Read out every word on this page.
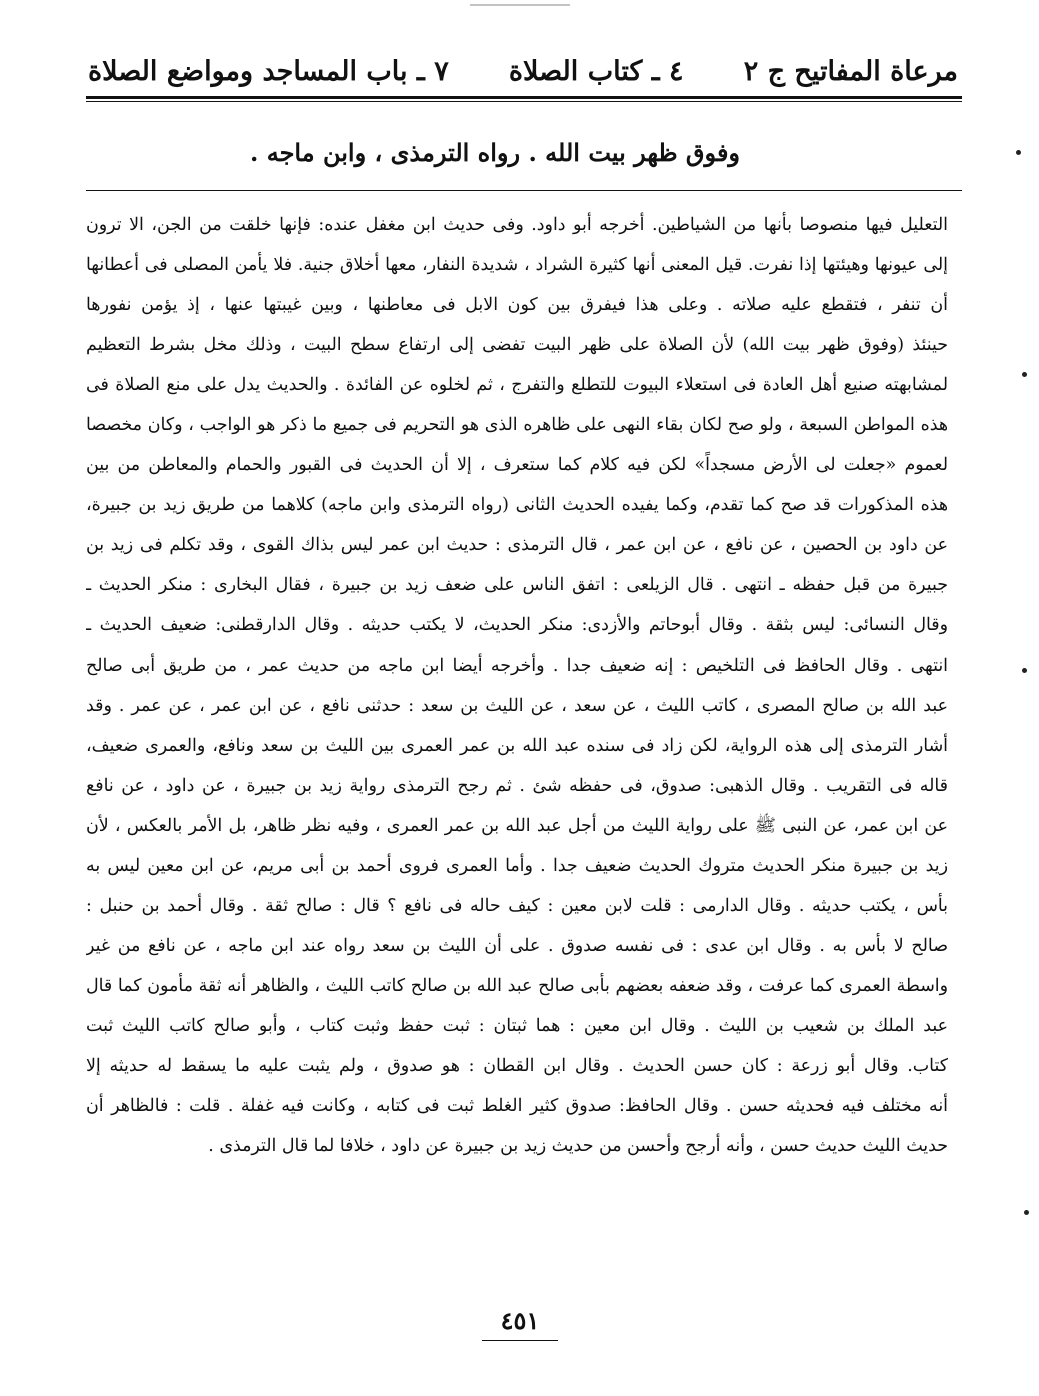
مرعاة المفاتيح ج ٢
٤ ـ كتاب الصلاة
٧ ـ باب المساجد ومواضع الصلاة
وفوق ظهر بيت الله . رواه الترمذى ، وابن ماجه .
التعليل فيها منصوصا بأنها من الشياطين. أخرجه أبو داود. وفى حديث ابن مغفل عنده: فإنها خلقت من الجن، الا ترون
إلى عيونها وهيئتها إذا نفرت. قيل المعنى أنها كثيرة الشراد ، شديدة النفار، معها أخلاق جنية. فلا يأمن المصلى فى أعطانها
أن تنفر ، فتقطع عليه صلاته . وعلى هذا فيفرق بين كون الابل فى معاطنها ، وبين غيبتها عنها ، إذ يؤمن نفورها
حينئذ (وفوق ظهر بيت الله) لأن الصلاة على ظهر البيت تفضى إلى ارتفاع سطح البيت ، وذلك مخل بشرط التعظيم
لمشابهته صنيع أهل العادة فى استعلاء البيوت للتطلع والتفرج ، ثم لخلوه عن الفائدة . والحديث يدل على منع الصلاة فى
هذه المواطن السبعة ، ولو صح لكان بقاء النهى على ظاهره الذى هو التحريم فى جميع ما ذكر هو الواجب ، وكان مخصصا
لعموم «جعلت لى الأرض مسجداً» لكن فيه كلام كما ستعرف ، إلا أن الحديث فى القبور والحمام والمعاطن من بين
هذه المذكورات قد صح كما تقدم، وكما يفيده الحديث الثانى (رواه الترمذى وابن ماجه) كلاهما من طريق زيد بن جبيرة،
عن داود بن الحصين ، عن نافع ، عن ابن عمر ، قال الترمذى : حديث ابن عمر ليس بذاك القوى ، وقد تكلم فى زيد بن
جبيرة من قبل حفظه ـ انتهى . قال الزيلعى : اتفق الناس على ضعف زيد بن جبيرة ، فقال البخارى : منكر الحديث ـ
وقال النسائى: ليس بثقة . وقال أبوحاتم والأزدى: منكر الحديث، لا يكتب حديثه . وقال الدارقطنى: ضعيف الحديث ـ
انتهى . وقال الحافظ فى التلخيص : إنه ضعيف جدا . وأخرجه أيضا ابن ماجه من حديث عمر ، من طريق أبى صالح
عبد الله بن صالح المصرى ، كاتب الليث ، عن سعد ، عن الليث بن سعد : حدثنى نافع ، عن ابن عمر ، عن عمر . وقد
أشار الترمذى إلى هذه الرواية، لكن زاد فى سنده عبد الله بن عمر العمرى بين الليث بن سعد ونافع، والعمرى ضعيف،
قاله فى التقريب . وقال الذهبى: صدوق، فى حفظه شئ . ثم رجح الترمذى رواية زيد بن جبيرة ، عن داود ، عن نافع
عن ابن عمر، عن النبى ﷺ على رواية الليث من أجل عبد الله بن عمر العمرى ، وفيه نظر ظاهر، بل الأمر بالعكس ، لأن
زيد بن جبيرة منكر الحديث متروك الحديث ضعيف جدا . وأما العمرى فروى أحمد بن أبى مريم، عن ابن معين ليس به
بأس ، يكتب حديثه . وقال الدارمى : قلت لابن معين : كيف حاله فى نافع ؟ قال : صالح ثقة . وقال أحمد بن حنبل :
صالح لا بأس به . وقال ابن عدى : فى نفسه صدوق . على أن الليث بن سعد رواه عند ابن ماجه ، عن نافع من غير
واسطة العمرى كما عرفت ، وقد ضعفه بعضهم بأبى صالح عبد الله بن صالح كاتب الليث ، والظاهر أنه ثقة مأمون كما قال
عبد الملك بن شعيب بن الليث . وقال ابن معين : هما ثبتان : ثبت حفظ وثبت كتاب ، وأبو صالح كاتب الليث ثبت
كتاب. وقال أبو زرعة : كان حسن الحديث . وقال ابن القطان : هو صدوق ، ولم يثبت عليه ما يسقط له حديثه إلا
أنه مختلف فيه فحديثه حسن . وقال الحافظ: صدوق كثير الغلط ثبت فى كتابه ، وكانت فيه غفلة . قلت : فالظاهر أن
حديث الليث حديث حسن ، وأنه أرجح وأحسن من حديث زيد بن جبيرة عن داود ، خلافا لما قال الترمذى .
٤٥١
